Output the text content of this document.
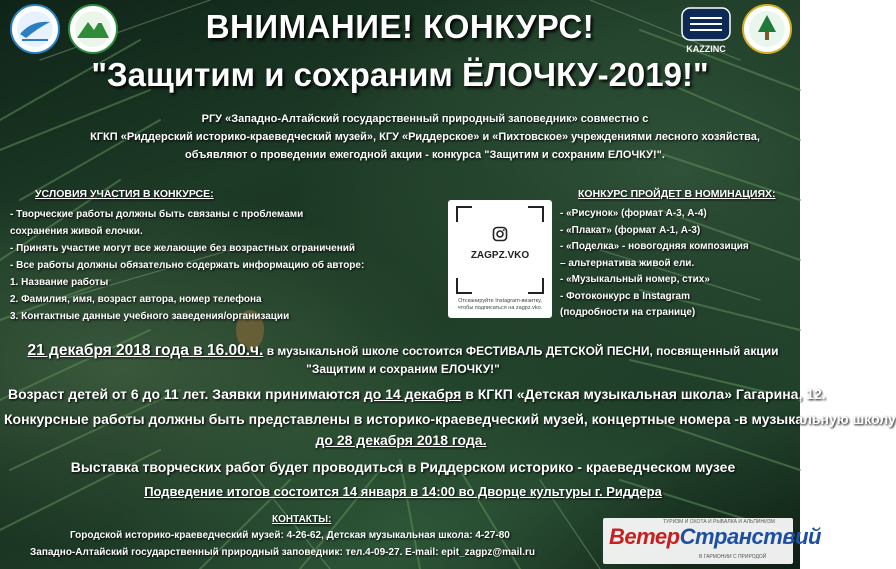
KAZZINC
ВНИМАНИЕ! КОНКУРС!
"Защитим и сохраним ЁЛОЧКУ-2019!"
РГУ «Западно-Алтайский государственный природный заповедник» совместно с
КГКП «Риддерский историко-краеведческий музей», КГУ «Риддерское» и «Пихтовское» учреждениями лесного хозяйства,
объявляют о проведении ежегодной акции - конкурса "Защитим и сохраним ЕЛОЧКУ!".
УСЛОВИЯ УЧАСТИЯ В КОНКУРСЕ:
- Творческие работы должны быть связаны с проблемами
сохранения живой елочки.
- Принять участие могут все желающие без возрастных ограничений
- Все работы должны обязательно содержать информацию об авторе:
1. Название работы
2. Фамилия, имя, возраст автора, номер телефона
3. Контактные данные учебного заведения/организации
ZAGPZ.VKO
Отсканируйте Instagram-визитку, чтобы подписаться на zagpz.vko.
КОНКУРС ПРОЙДЕТ В НОМИНАЦИЯХ:
- «Рисунок» (формат А-3, А-4)
- «Плакат» (формат А-1, А-3)
- «Поделка» - новогодняя композиция
– альтернатива живой ели.
- «Музыкальный номер, стих»
- Фотоконкурс в Instagram
(подробности на странице)
21 декабря 2018 года в 16.00.ч. в музыкальной школе состоится ФЕСТИВАЛЬ ДЕТСКОЙ ПЕСНИ, посвященный акции
"Защитим и сохраним ЕЛОЧКУ!"
Возраст детей от 6 до 11 лет. Заявки принимаются до 14 декабря в КГКП «Детская музыкальная школа» Гагарина, 12.
Конкурсные работы должны быть представлены в историко-краеведческий музей, концертные номера -в музыкальную школу
до 28 декабря 2018 года.
Выставка творческих работ будет проводиться в Риддерском историко - краеведческом музее
Подведение итогов состоится 14 января в 14:00 во Дворце культуры г. Риддера
КОНТАКТЫ:
Городской историко-краеведческий музей: 4-26-62, Детская музыкальная школа: 4-27-80
Западно-Алтайский государственный природный заповедник: тел.4-09-27. E-mail: epit_zagpz@mail.ru
ТУРИЗМ И ОХОТА И РЫБАЛКА И АЛЬПИНИЗМ
ВетерСтранствий
В ГАРМОНИИ С ПРИРОДОЙ
